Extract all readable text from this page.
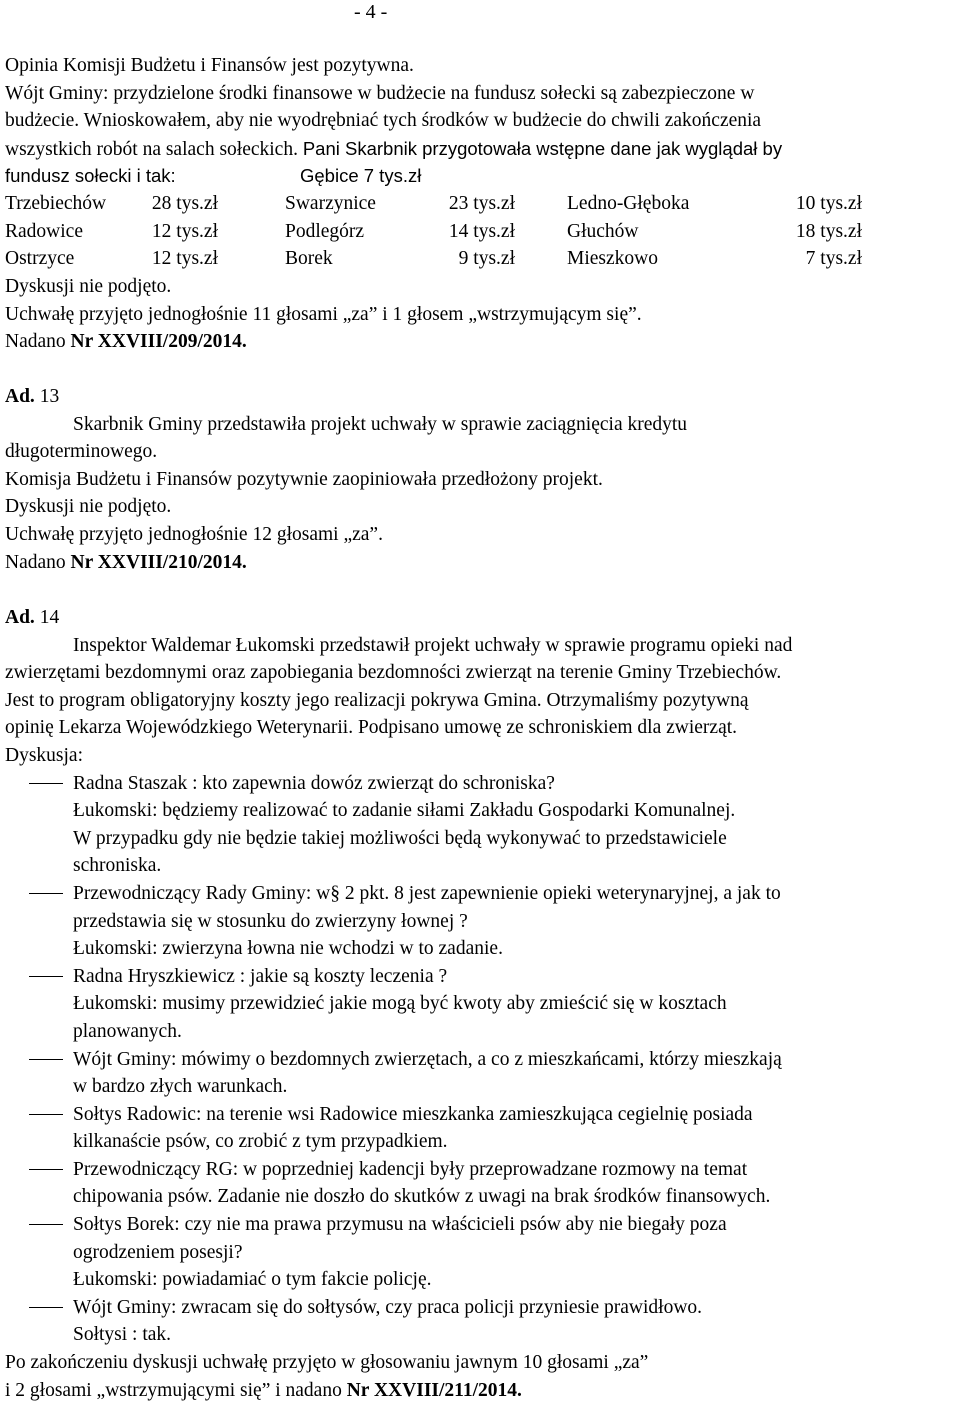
- 4 -
Opinia Komisji Budżetu i Finansów jest pozytywna.
Wójt Gminy: przydzielone środki finansowe w budżecie na fundusz sołecki są zabezpieczone w
budżecie. Wnioskowałem, aby nie wyodrębniać tych środków w budżecie do chwili zakończenia
wszystkich robót na salach sołeckich. Pani Skarbnik przygotowała wstępne dane jak wyglądał by
fundusz sołecki i tak:	Gębice 7 tys.zł
Trzebiechów 28 tys.zł	Swarzynice	23 tys.zł	Ledno-Głęboka	10 tys.zł
Radowice	12 tys.zł	Podlegórz	14 tys.zł	Głuchów	18 tys.zł
Ostrzyce	12 tys.zł	Borek	9 tys.zł	Mieszkowo	7 tys.zł
Dyskusji nie podjęto.
Uchwałę przyjęto jednogłośnie 11 głosami „za” i 1 głosem „wstrzymującym się”.
Nadano Nr XXVIII/209/2014.
Ad. 13
Skarbnik Gminy przedstawiła projekt uchwały w sprawie zaciągnięcia kredytu
długoterminowego.
Komisja Budżetu i Finansów pozytywnie zaopiniowała przedłożony projekt.
Dyskusji nie podjęto.
Uchwałę przyjęto jednogłośnie 12 głosami „za”.
Nadano Nr XXVIII/210/2014.
Ad. 14
Inspektor Waldemar Łukomski przedstawił projekt uchwały w sprawie programu opieki nad
zwierzętami bezdomnymi oraz zapobiegania bezdomności zwierząt na terenie Gminy Trzebiechów.
Jest to program obligatoryjny koszty jego realizacji pokrywa Gmina. Otrzymaliśmy pozytywną
opinię Lekarza Wojewódzkiego Weterynarii. Podpisano umowę ze schroniskiem dla zwierząt.
Dyskusja:
Radna Staszak : kto zapewnia dowóz zwierząt do schroniska?
Łukomski: będziemy realizować to zadanie siłami Zakładu Gospodarki Komunalnej.
W przypadku gdy nie będzie takiej możliwości będą wykonywać to przedstawiciele
schroniska.
Przewodniczący Rady Gminy: w§ 2 pkt. 8 jest zapewnienie opieki weterynaryjnej, a jak to
przedstawia się w stosunku do zwierzyny łownej ?
Łukomski: zwierzyna łowna nie wchodzi w to zadanie.
Radna Hryszkiewicz : jakie są koszty leczenia ?
Łukomski: musimy przewidzieć jakie mogą być kwoty aby zmieścić się w kosztach
planowanych.
Wójt Gminy: mówimy o bezdomnych zwierzętach, a co z mieszkańcami, którzy mieszkają
w bardzo złych warunkach.
Sołtys Radowic: na terenie wsi Radowice mieszkanka zamieszkująca cegielnię posiada
kilkanaście psów, co zrobić z tym przypadkiem.
Przewodniczący RG: w poprzedniej kadencji były przeprowadzane rozmowy na temat
chipowania psów. Zadanie nie doszło do skutków z uwagi na brak środków finansowych.
Sołtys Borek: czy nie ma prawa przymusu na właścicieli psów aby nie biegały poza
ogrodzeniem posesji?
Łukomski: powiadamiać o tym fakcie policję.
Wójt Gminy: zwracam się do sołtysów, czy praca policji przyniesie prawidłowo.
Sołtysi : tak.
Po zakończeniu dyskusji uchwałę przyjęto w głosowaniu jawnym 10 głosami „za”
i 2 głosami „wstrzymującymi się” i nadano Nr XXVIII/211/2014.
